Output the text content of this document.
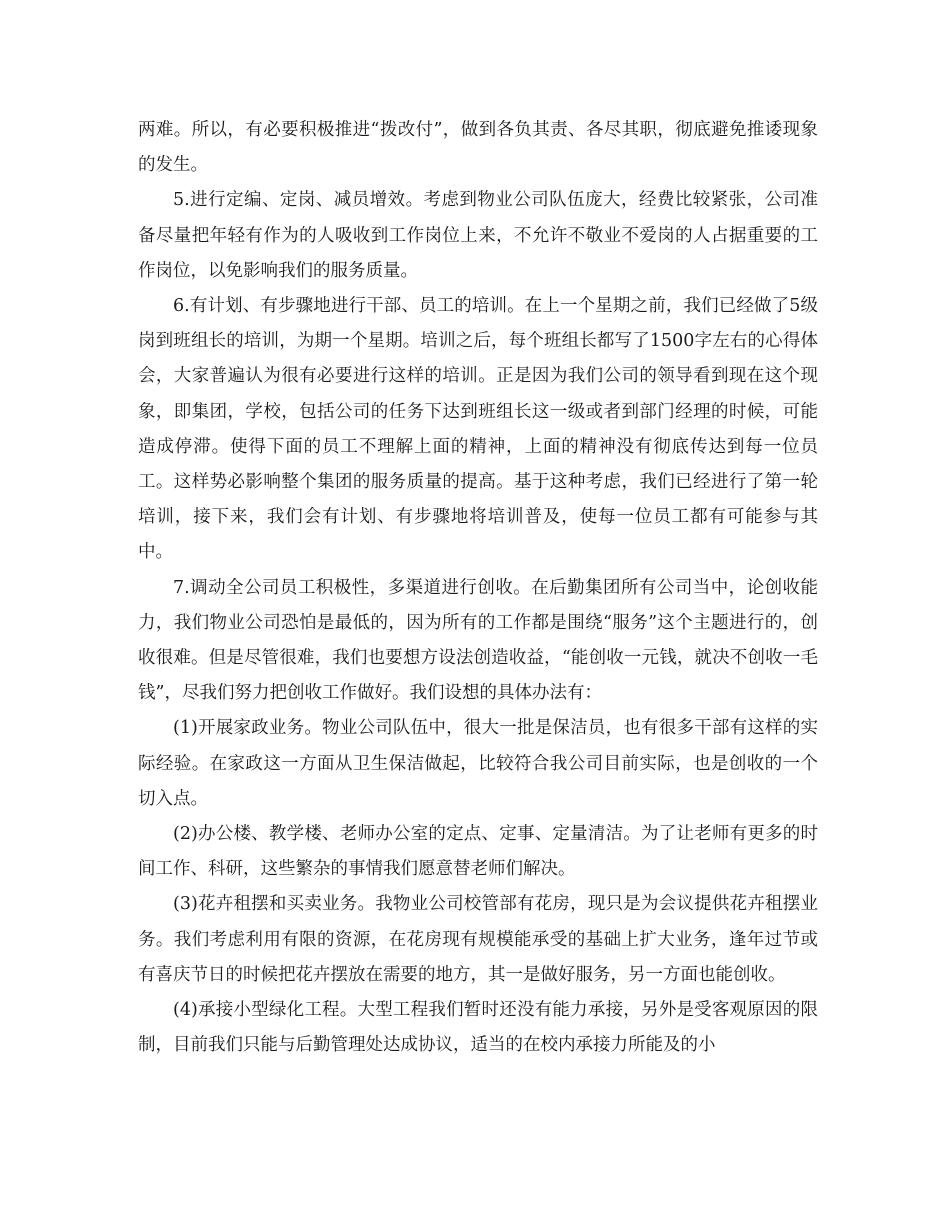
两难。所以，有必要积极推进“拨改付”，做到各负其责、各尽其职，彻底避免推诿现象的发生。

5.进行定编、定岗、减员增效。考虑到物业公司队伍庞大，经费比较紧张，公司准备尽量把年轻有作为的人吸收到工作岗位上来，不允许不敬业不爱岗的人占据重要的工作岗位，以免影响我们的服务质量。

6.有计划、有步骤地进行干部、员工的培训。在上一个星期之前，我们已经做了5级岗到班组长的培训，为期一个星期。培训之后，每个班组长都写了1500字左右的心得体会，大家普遍认为很有必要进行这样的培训。正是因为我们公司的领导看到现在这个现象，即集团，学校，包括公司的任务下达到班组长这一级或者到部门经理的时候，可能造成停滞。使得下面的员工不理解上面的精神，上面的精神没有彻底传达到每一位员工。这样势必影响整个集团的服务质量的提高。基于这种考虑，我们已经进行了第一轮培训，接下来，我们会有计划、有步骤地将培训普及，使每一位员工都有可能参与其中。

7.调动全公司员工积极性，多渠道进行创收。在后勤集团所有公司当中，论创收能力，我们物业公司恐怕是最低的，因为所有的工作都是围绕“服务”这个主题进行的，创收很难。但是尽管很难，我们也要想方设法创造收益，“能创收一元钱，就决不创收一毛钱”，尽我们努力把创收工作做好。我们设想的具体办法有：

(1)开展家政业务。物业公司队伍中，很大一批是保洁员，也有很多干部有这样的实际经验。在家政这一方面从卫生保洁做起，比较符合我公司目前实际，也是创收的一个切入点。

(2)办公楼、教学楼、老师办公室的定点、定事、定量清洁。为了让老师有更多的时间工作、科研，这些繁杂的事情我们愿意替老师们解决。

(3)花卉租摆和买卖业务。我物业公司校管部有花房，现只是为会议提供花卉租摆业务。我们考虑利用有限的资源，在花房现有规模能承受的基础上扩大业务，逢年过节或有喜庆节日的时候把花卉摆放在需要的地方，其一是做好服务，另一方面也能创收。

(4)承接小型绿化工程。大型工程我们暂时还没有能力承接，另外是受客观原因的限制，目前我们只能与后勤管理处达成协议，适当的在校内承接力所能及的小
